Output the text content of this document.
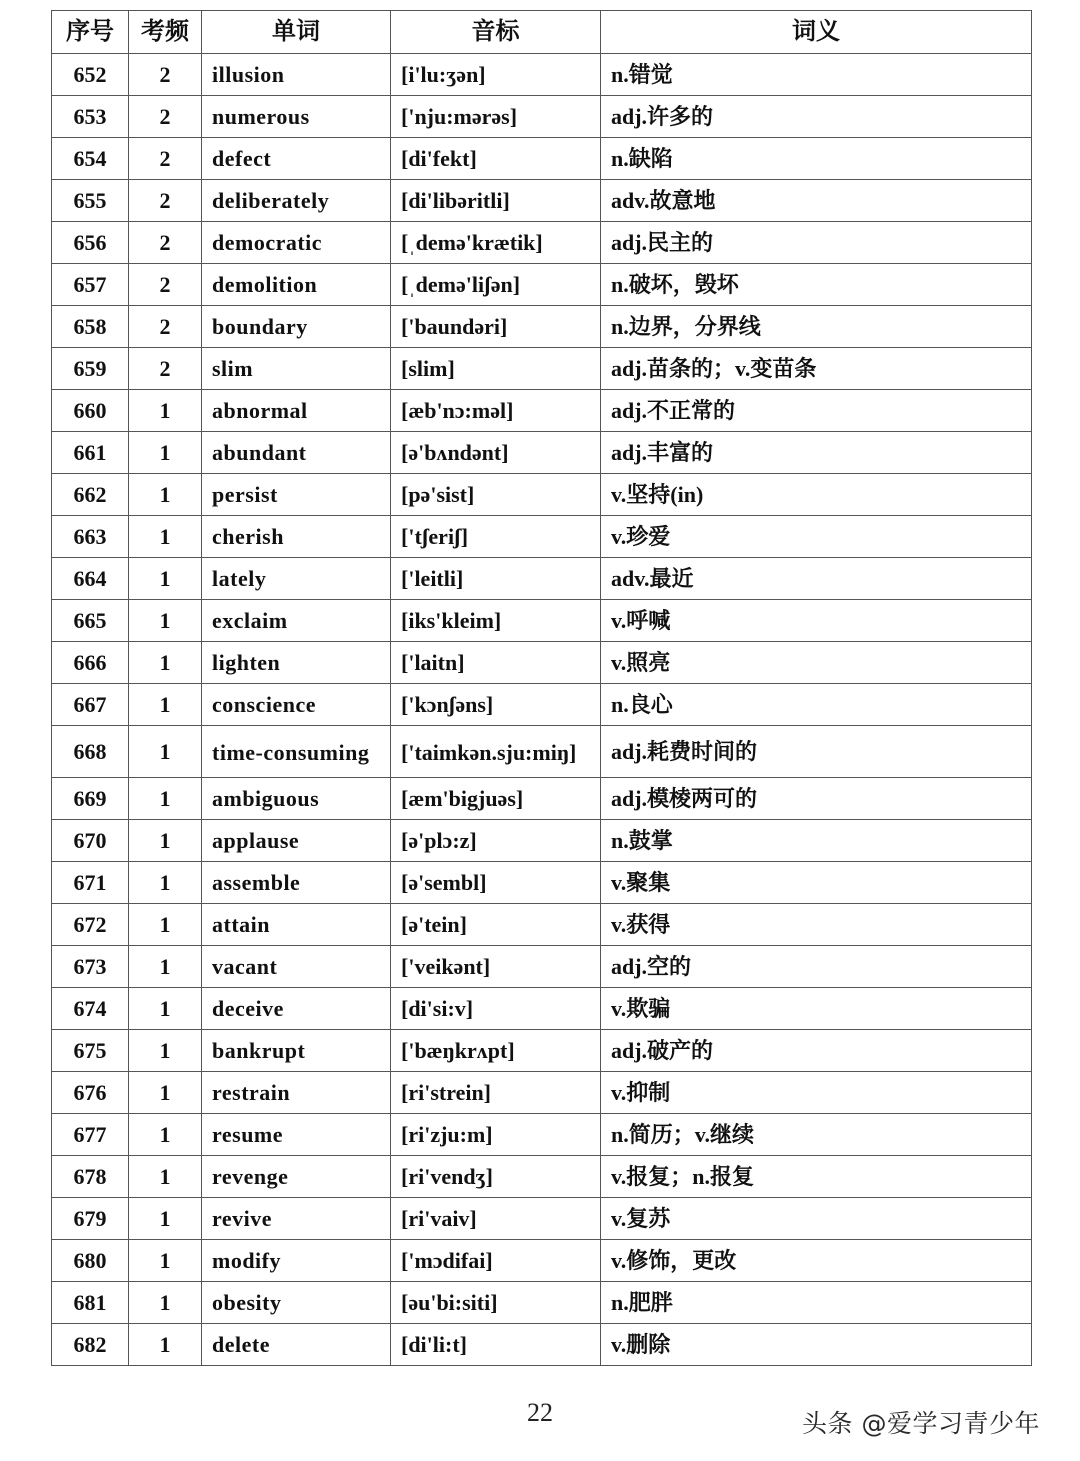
序号	考频	单词	音标	词义
652	2	illusion	[i'lu:ʒən]	n.错觉
653	2	numerous	['nju:mərəs]	adj.许多的
654	2	defect	[di'fekt]	n.缺陷
655	2	deliberately	[di'libəritli]	adv.故意地
656	2	democratic	[ˌdemə'krætik]	adj.民主的
657	2	demolition	[ˌdemə'liʃən]	n.破坏，毁坏
658	2	boundary	['baundəri]	n.边界，分界线
659	2	slim	[slim]	adj.苗条的；v.变苗条
660	1	abnormal	[æb'nɔ:məl]	adj.不正常的
661	1	abundant	[ə'bʌndənt]	adj.丰富的
662	1	persist	[pə'sist]	v.坚持(in)
663	1	cherish	['tʃeriʃ]	v.珍爱
664	1	lately	['leitli]	adv.最近
665	1	exclaim	[iks'kleim]	v.呼喊
666	1	lighten	['laitn]	v.照亮
667	1	conscience	['kɔnʃəns]	n.良心
668	1	time-consuming	['taimkən.sju:miŋ]	adj.耗费时间的
669	1	ambiguous	[æm'bigjuəs]	adj.模棱两可的
670	1	applause	[ə'plɔ:z]	n.鼓掌
671	1	assemble	[ə'sembl]	v.聚集
672	1	attain	[ə'tein]	v.获得
673	1	vacant	['veikənt]	adj.空的
674	1	deceive	[di'si:v]	v.欺骗
675	1	bankrupt	['bæŋkrʌpt]	adj.破产的
676	1	restrain	[ri'strein]	v.抑制
677	1	resume	[ri'zju:m]	n.简历；v.继续
678	1	revenge	[ri'vendʒ]	v.报复；n.报复
679	1	revive	[ri'vaiv]	v.复苏
680	1	modify	['mɔdifai]	v.修饰，更改
681	1	obesity	[əu'bi:siti]	n.肥胖
682	1	delete	[di'li:t]	v.删除
22	头条 @爱学习青少年
